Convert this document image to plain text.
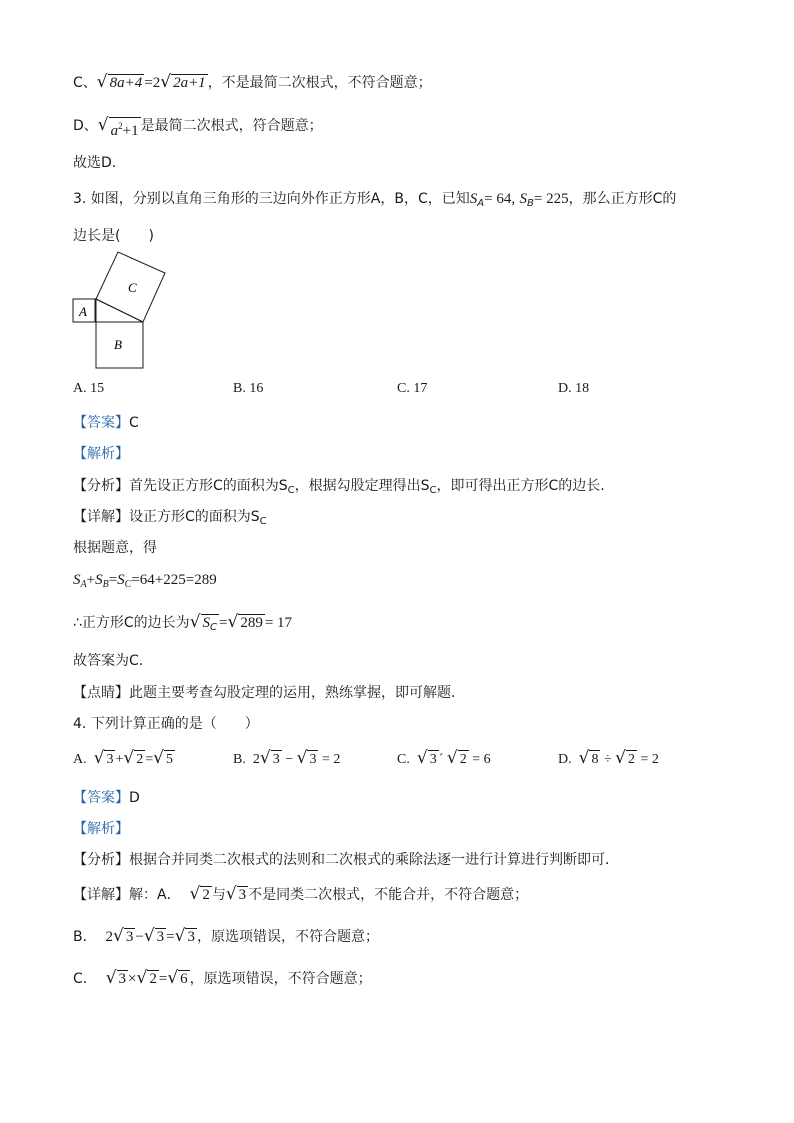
C、 √ 8a+4 =2 √ 2a+1 ，不是最简二次根式，不符合题意；
D、 √ $a^2+1$ 是最简二次根式，符合题意；
故选D．
3. 如图，分别以直角三角形的三边向外作正方形A，B，C，已知$S_A= 64$, $S_B= 225$，那么正方形C的
边长是(　　)
A
B
C
A. 15	B. 16	C. 17	D. 18
【答案】C
【解析】
【分析】首先设正方形C的面积为$S_C$，根据勾股定理得出$S_C$，即可得出正方形C的边长.
【详解】设正方形C的面积为$S_C$
根据题意，得
$S_A+S_B=S_C=64+225=289$
∴正方形C的边长为 √ $S_C$ = √ 289 = 17
故答案为C.
【点睛】此题主要考查勾股定理的运用，熟练掌握，即可解题.
4. 下列计算正确的是（　　）
A. √ 3 + √ 2 = √ 5	B. 2 √ 3 − √ 3 = 2	C. √ 3 ´ √ 2 = 6	D. √ 8 ÷ √ 2 = 2
【答案】D
【解析】
【分析】根据合并同类二次根式的法则和二次根式的乘除法逐一进行计算进行判断即可．
【详解】解：A． √ 2 与 √ 3 不是同类二次根式，不能合并，不符合题意；
B． 2 √ 3 − √ 3 = √ 3 ，原选项错误，不符合题意；
C． √ 3 × √ 2 = √ 6 ，原选项错误，不符合题意；
